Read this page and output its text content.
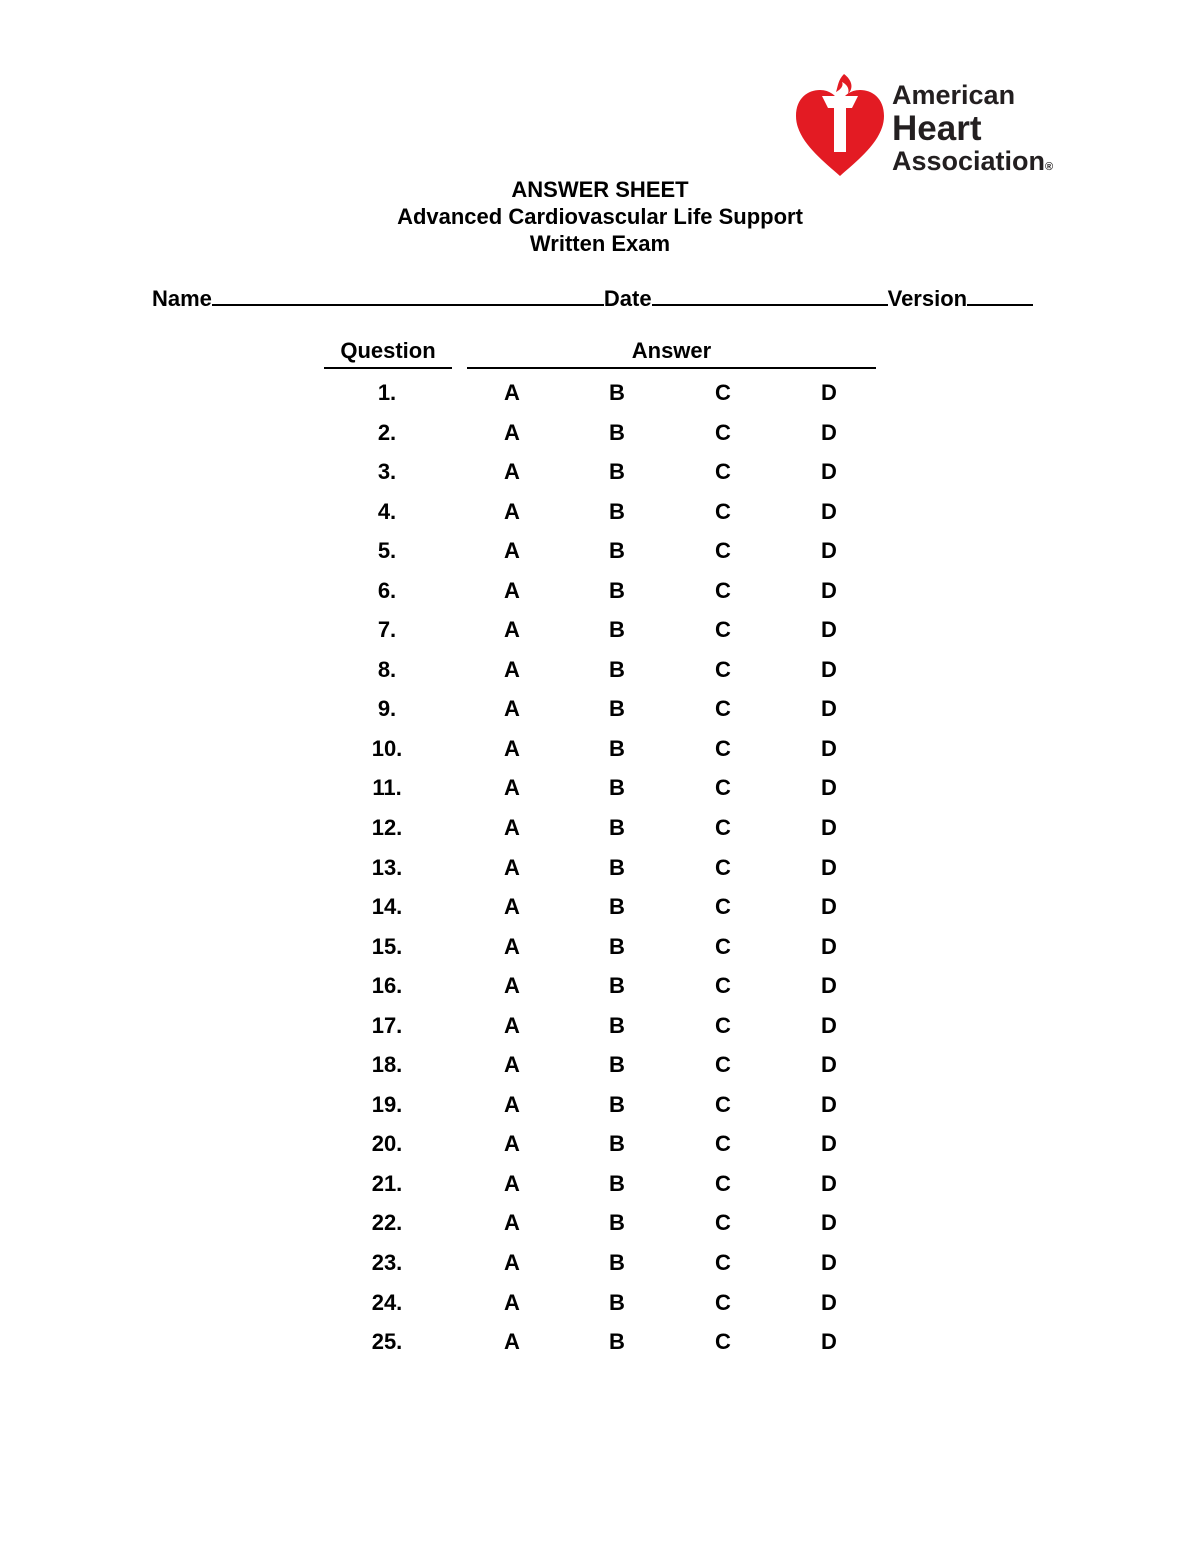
American
Heart
Association®
ANSWER SHEET
Advanced Cardiovascular Life Support
Written Exam
Name	Date	Version
Question	Answer
1.	A	B	C	D
2.	A	B	C	D
3.	A	B	C	D
4.	A	B	C	D
5.	A	B	C	D
6.	A	B	C	D
7.	A	B	C	D
8.	A	B	C	D
9.	A	B	C	D
10.	A	B	C	D
11.	A	B	C	D
12.	A	B	C	D
13.	A	B	C	D
14.	A	B	C	D
15.	A	B	C	D
16.	A	B	C	D
17.	A	B	C	D
18.	A	B	C	D
19.	A	B	C	D
20.	A	B	C	D
21.	A	B	C	D
22.	A	B	C	D
23.	A	B	C	D
24.	A	B	C	D
25.	A	B	C	D
